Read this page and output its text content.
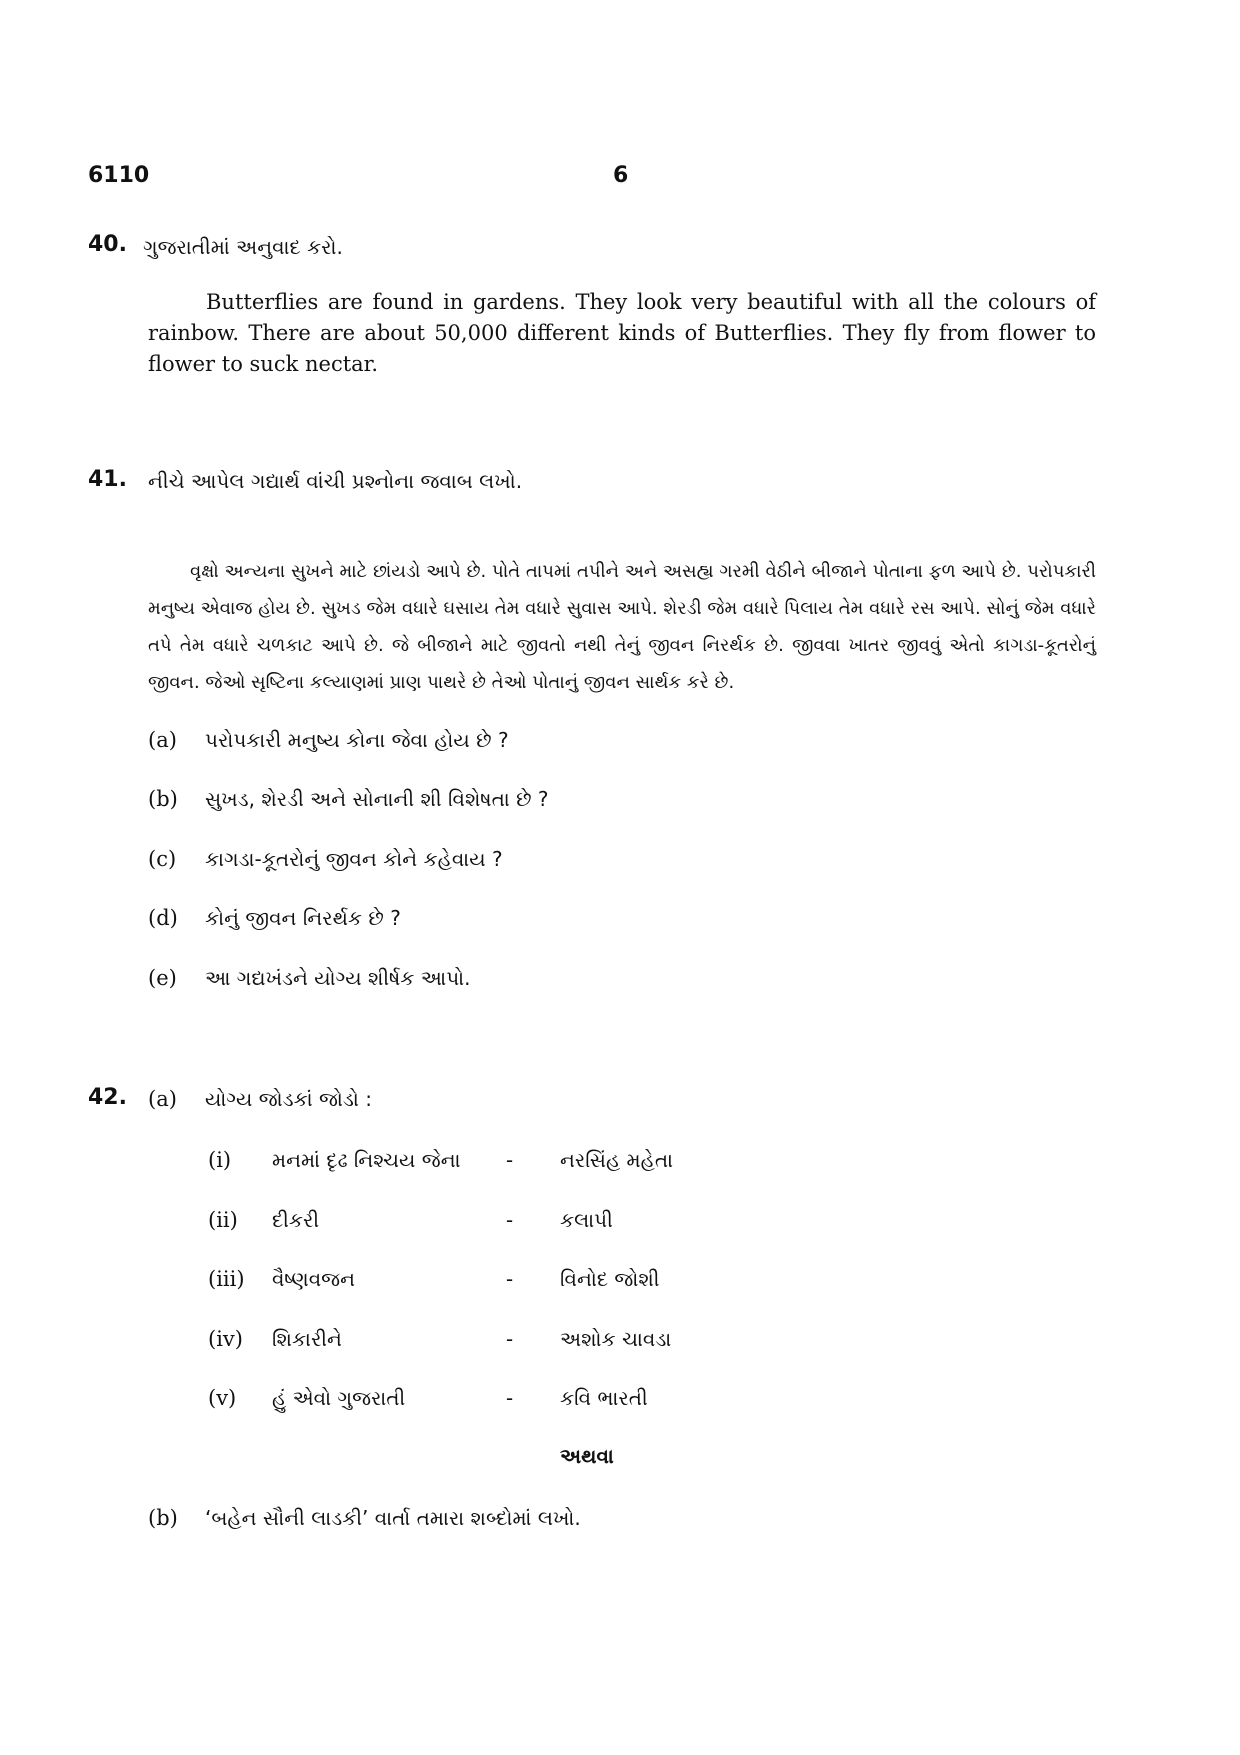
6110	6
40. ગુજરાતીમાં અનુવાદ કરો.
Butterflies are found in gardens. They look very beautiful with all the colours of rainbow. There are about 50,000 different kinds of Butterflies. They fly from flower to flower to suck nectar.
41. નીચે આપેલ ગદ્યાર્થ વાંચી પ્રશ્નોના જવાબ લખો.
વૃક્ષો અન્યના સુખને માટે છાંયડો આપે છે. પોતે તાપમાં તપીને અને અસહ્ય ગરમી વેઠીને બીજાને પોતાના ફળ આપે છે. પરોપકારી મનુષ્ય એવાજ હોય છે. સુખડ જેમ વધારે ઘસાય તેમ વધારે સુવાસ આપે. શેરડી જેમ વધારે પિલાય તેમ વધારે રસ આપે. સોનું જેમ વધારે તપે તેમ વધારે ચળકાટ આપે છે. જે બીજાને માટે જીવતો નથી તેનું જીવન નિરર્થક છે. જીવવા ખાતર જીવવું એતો કાગડા-કૂતરોનું જીવન. જેઓ સૃષ્ટિના કલ્યાણમાં પ્રાણ પાથરે છે તેઓ પોતાનું જીવન સાર્થક કરે છે.
(a) પરોપકારી મનુષ્ય કોના જેવા હોય છે ?
(b) સુખડ, શેરડી અને સોનાની શી વિશેષતા છે ?
(c) કાગડા-કૂતરોનું જીવન કોને કહેવાય ?
(d) કોનું જીવન નિરર્થક છે ?
(e) આ ગદ્યખંડને યોગ્ય શીર્ષક આપો.
42. (a) યોગ્ય જોડકાં જોડો :
(i) મનમાં દૃઢ નિશ્ચય જેના - નરસિંહ મહેતા
(ii) દીકરી	- કલાપી
(iii) વૈષ્ણવજન	- વિનોદ જોશી
(iv) શિકારીને	- અશોક ચાવડા
(v) હું એવો ગુજરાતી	- કવિ ભારતી
અથવા
(b) ‘બહેન સૌની લાડકી’ વાર્તા તમારા શબ્દોમાં લખો.
